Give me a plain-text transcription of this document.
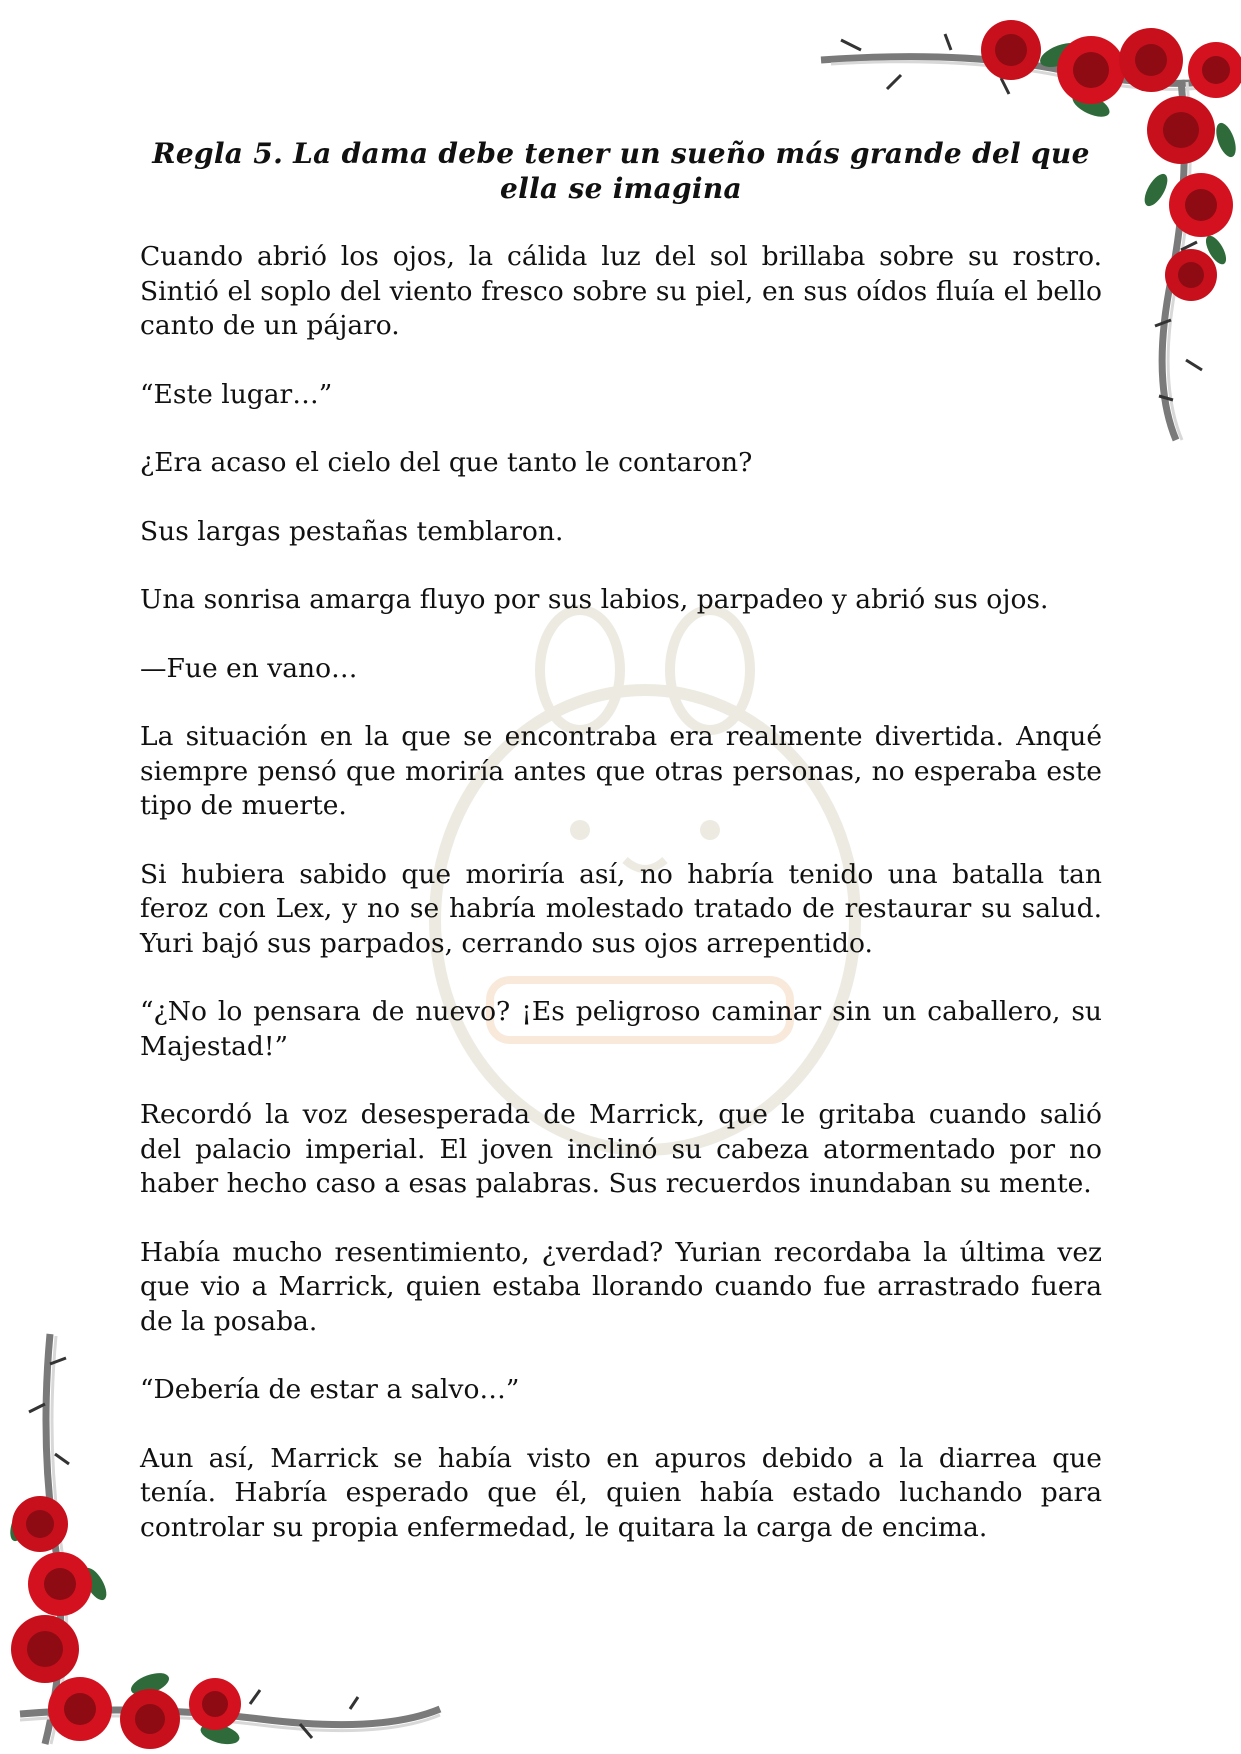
Regla 5. La dama debe tener un sueño más grande del que ella se imagina

Cuando abrió los ojos, la cálida luz del sol brillaba sobre su rostro. Sintió el soplo del viento fresco sobre su piel, en sus oídos fluía el bello canto de un pájaro.

“Este lugar…”

¿Era acaso el cielo del que tanto le contaron?

Sus largas pestañas temblaron.

Una sonrisa amarga fluyo por sus labios, parpadeo y abrió sus ojos.

—Fue en vano…

La situación en la que se encontraba era realmente divertida. Anqué siempre pensó que moriría antes que otras personas, no esperaba este tipo de muerte.

Si hubiera sabido que moriría así, no habría tenido una batalla tan feroz con Lex, y no se habría molestado tratado de restaurar su salud. Yuri bajó sus parpados, cerrando sus ojos arrepentido.

“¿No lo pensara de nuevo? ¡Es peligroso caminar sin un caballero, su Majestad!”

Recordó la voz desesperada de Marrick, que le gritaba cuando salió del palacio imperial. El joven inclinó su cabeza atormentado por no haber hecho caso a esas palabras. Sus recuerdos inundaban su mente.

Había mucho resentimiento, ¿verdad? Yurian recordaba la última vez que vio a Marrick, quien estaba llorando cuando fue arrastrado fuera de la posaba.

“Debería de estar a salvo…”

Aun así, Marrick se había visto en apuros debido a la diarrea que tenía. Habría esperado que él, quien había estado luchando para controlar su propia enfermedad, le quitara la carga de encima.
